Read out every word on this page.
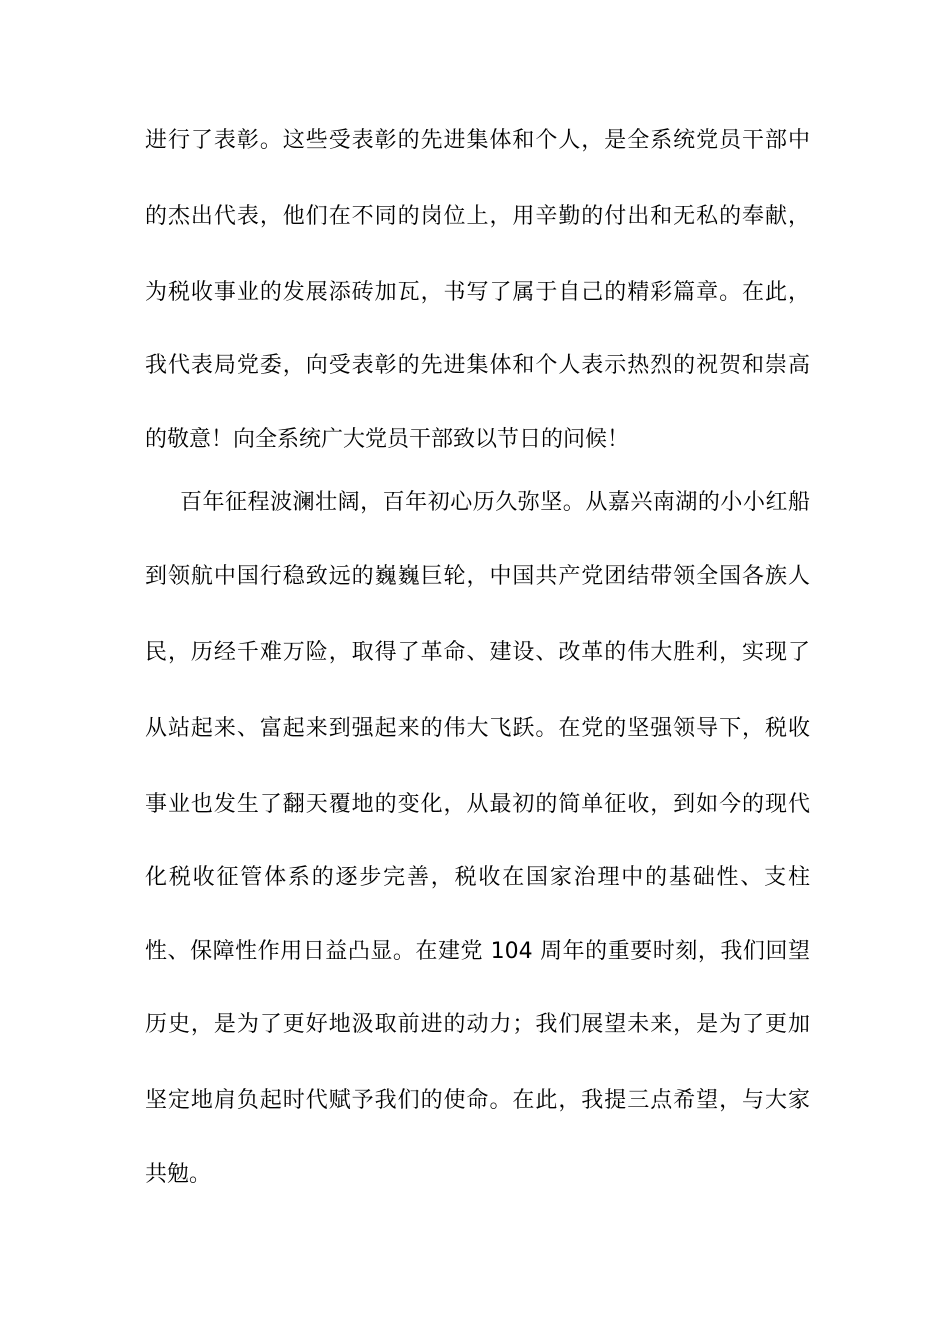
进行了表彰。这些受表彰的先进集体和个人，是全系统党员干部中
的杰出代表，他们在不同的岗位上，用辛勤的付出和无私的奉献，
为税收事业的发展添砖加瓦，书写了属于自己的精彩篇章。在此，
我代表局党委，向受表彰的先进集体和个人表示热烈的祝贺和崇高
的敬意！向全系统广大党员干部致以节日的问候！
百年征程波澜壮阔，百年初心历久弥坚。从嘉兴南湖的小小红船
到领航中国行稳致远的巍巍巨轮，中国共产党团结带领全国各族人
民，历经千难万险，取得了革命、建设、改革的伟大胜利，实现了
从站起来、富起来到强起来的伟大飞跃。在党的坚强领导下，税收
事业也发生了翻天覆地的变化，从最初的简单征收，到如今的现代
化税收征管体系的逐步完善，税收在国家治理中的基础性、支柱
性、保障性作用日益凸显。在建党 104 周年的重要时刻，我们回望
历史，是为了更好地汲取前进的动力；我们展望未来，是为了更加
坚定地肩负起时代赋予我们的使命。在此，我提三点希望，与大家
共勉。
